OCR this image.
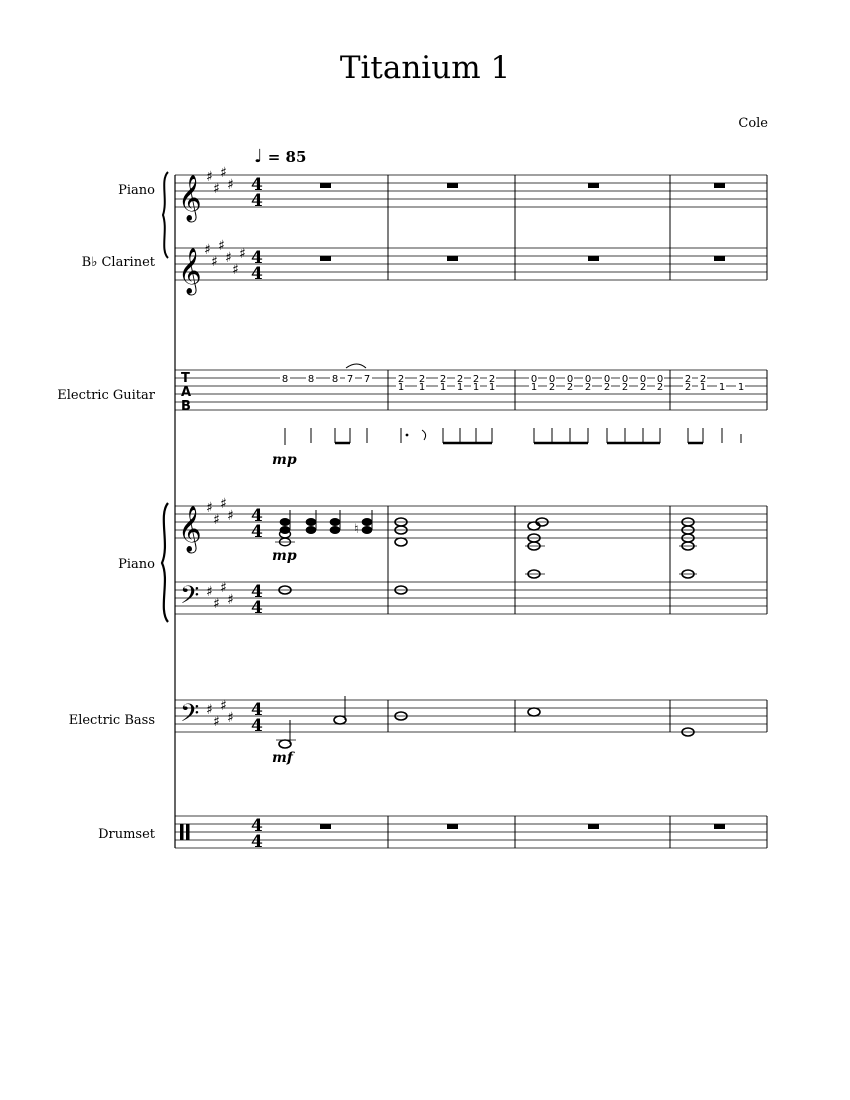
Titanium 1
Cole
♩ = 85
Piano
B♭ Clarinet
Electric Guitar
Piano
Electric Bass
Drumset
𝄞
𝄞
♯
♯
♯
♯
♯
♯
♯
♯
♯
♯
4
4
4
4
T
A
B
8 8 8 7 7	2
1
2
1
2
1
2
1
2
1
2
1
0
1
0
2
0
2
0
2
0
2
0
2
0
2
0
2
2
2
2
1 1 1
mp
𝄞
𝄢
♯
♯
♯
♯
♯
♯
♯
♯
4
4
4
4
♮
mp
𝄢 ♯
♯
♯
♯ 4
4
mf
4
4
